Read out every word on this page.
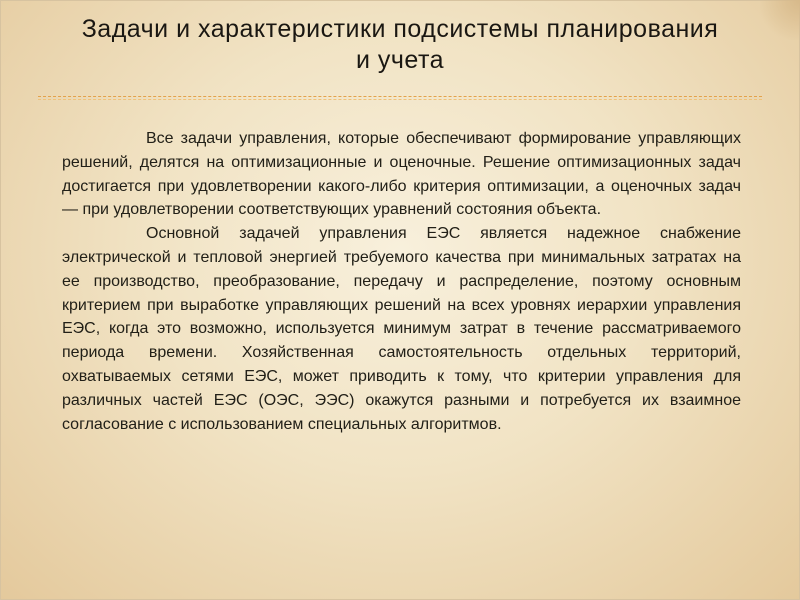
Задачи и характеристики подсистемы планирования
и учета

Все задачи управления, которые обеспечивают формирование управляющих решений, делятся на оптимизационные и оценочные. Решение оптимизационных задач достигается при удовлетворении какого-либо критерия оптимизации, а оценочных задач — при удовлетворении соответствующих уравнений состояния объекта.

Основной задачей управления ЕЭС является надежное снабжение электрической и тепловой энергией требуемого качества при минимальных затратах на ее производство, преобразование, передачу и распределение, поэтому основным критерием при выработке управляющих решений на всех уровнях иерархии управления ЕЭС, когда это возможно, используется минимум затрат в течение рассматриваемого периода времени. Хозяйственная самостоятельность отдельных территорий, охватываемых сетями ЕЭС, может приводить к тому, что критерии управления для различных частей ЕЭС (ОЭС, ЭЭС) окажутся разными и потребуется их взаимное согласование с использованием специальных алгоритмов.
